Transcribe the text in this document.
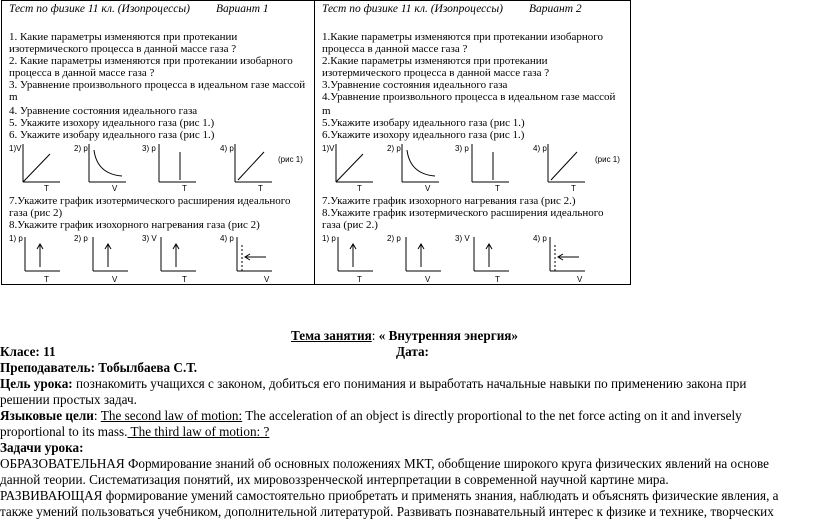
Тест по физике 11 кл. (Изопроцессы) Вариант 1
1. Какие параметры изменяются при протекании
изотермического процесса в данной массе газа ?
2. Какие параметры изменяются при протекании изобарного
процесса в данной массе газа ?
3. Уравнение произвольного процесса в идеальном газе массой
m
4. Уравнение состояния идеального газа
5. Укажите изохору идеального газа (рис 1.)
6. Укажите изобару идеального газа (рис 1.)
1)V	2) p	3) p	4) p
(рис 1)
T	V	T	T
7.Укажите график изотермического расширения идеального
газа (рис 2)
8.Укажите график изохорного нагревания газа (рис 2)
1) p	2) p	3) V	4) p
T	V	T	V
Тест по физике 11 кл. (Изопроцессы) Вариант 2
1.Какие параметры изменяются при протекании изобарного
процесса в данной массе газа ?
2.Какие параметры изменяются при протекании
изотермического процесса в данной массе газа ?
3.Уравнение состояния идеального газа
4.Уравнение произвольного процесса в идеальном газе массой
m
5.Укажите изобару идеального газа (рис 1.)
6.Укажите изохору идеального газа (рис 1.)
1)V	2) p	3) p	4) p
(рис 1)
T	V	T	T
7.Укажите график изохорного нагревания газа (рис 2.)
8.Укажите график изотермического расширения идеального
газа (рис 2.)
1) p	2) p	3) V	4) p
T	V	T	V
Тема занятия: « Внутренняя энергия»
Класе: 11	Дата:
Преподаватель: Тобылбаева С.Т.
Цель урока: познакомить учащихся с законом, добиться его понимания и выработать начальные навыки по применению закона при
решении простых задач.
Языковые цели: The second law of motion: The acceleration of an object is directly proportional to the net force acting on it and inversely
proportional to its mass. The third law of motion: ?
Задачи урока:
ОБРАЗОВАТЕЛЬНАЯ Формирование знаний об основных положениях МКТ, обобщение широкого круга физических явлений на основе
данной теории. Систематизация понятий, их мировоззренческой интерпретации в современной научной картине мира.
РАЗВИВАЮЩАЯ формирование умений самостоятельно приобретать и применять знания, наблюдать и объяснять физические явления, а
также умений пользоваться учебником, дополнительной литературой. Развивать познавательный интерес к физике и технике, творческих
